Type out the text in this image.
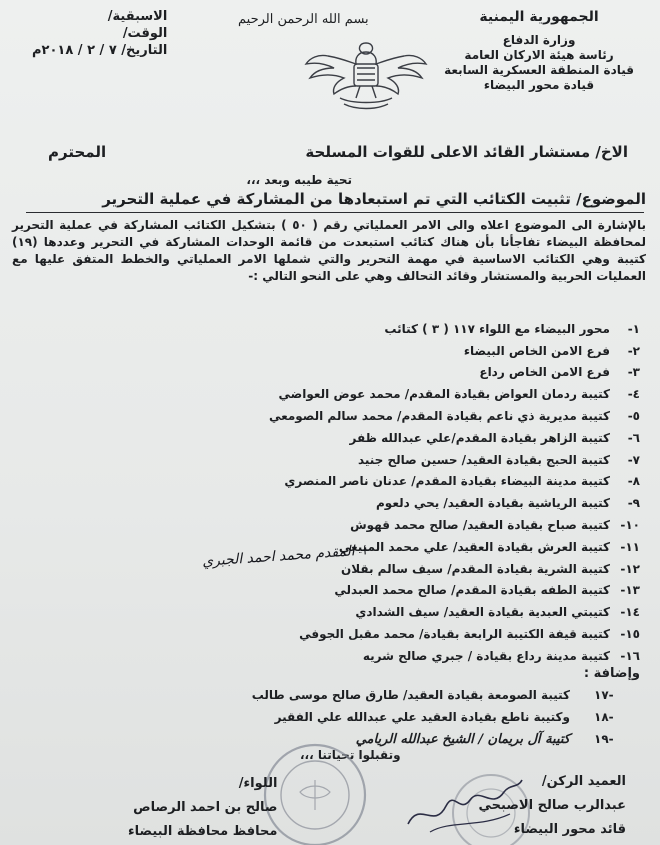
الجمهورية اليمنية
وزارة الدفاع
رئاسة هيئة الاركان العامة
قيادة المنطقة العسكرية السابعة
قيادة محور البيضاء
بسم الله الرحمن الرحيم
الاسبقية/
الوقت/
التاريخ/ ٧ / ٢ / ٢٠١٨م
الاخ/ مستشار القائد الاعلى للقوات المسلحة
المحترم
تحية طيبه وبعد ،،،
الموضوع/ تثبيت الكتائب التي تم استبعادها من المشاركة في عملية التحرير
بالإشارة الى الموضوع اعلاه والى الامر العملياتي رقم ( ٥٠ ) بتشكيل الكتائب المشاركة في عملية التحرير لمحافظة البيضاء تفاجأنا بأن هناك كتائب استبعدت من قائمة الوحدات المشاركة في التحرير وعددها (١٩) كتيبة وهي الكتائب الاساسية في مهمة التحرير والتي شملها الامر العملياتي والخطط المتفق عليها مع العمليات الحربية والمستشار وقائد التحالف وهي على النحو التالي :-
١-
محور البيضاء مع اللواء ١١٧ ( ٣ ) كتائب
٢-
فرع الامن الخاص البيضاء
٣-
فرع الامن الخاص رداع
٤-
كتيبة ردمان العواض بقيادة المقدم/ محمد عوض العواضي
٥-
كتيبة مديرية ذي ناعم بقيادة المقدم/ محمد سالم الصومعي
٦-
كتيبة الزاهر بقيادة المقدم/علي عبدالله ظفر
٧-
كتيبة الحبج بقيادة العقيد/ حسين صالح جنيد
٨-
كتيبة مدينة البيضاء بقيادة المقدم/ عدنان ناصر المنصري
٩-
كتيبة الرياشية بقيادة العقيد/ يحي دلعوم
١٠-
كتيبة صباح بقيادة العقيد/ صالح محمد قهوش
١١-
كتيبة العرش بقيادة العقيد/ علي محمد المنيعي
١٢-
كتيبة الشرية بقيادة المقدم/ سيف سالم بقلان
١٣-
كتيبة الطفه بقيادة المقدم/ صالح محمد العبدلي
١٤-
كتيبتي العبدية بقيادة العقيد/ سيف الشدادي
١٥-
كتيبة قيفة الكتيبة الرابعة بقيادة/ محمد مقبل الجوفي
١٦-
كتيبة مدينة رداع بقيادة / جبري صالح شريه
+ المقدم محمد احمد الجبري
وإضافة :
-١٧
كتيبة الصومعة بقيادة العقيد/ طارق صالح موسى طالب
-١٨
وكتيبة ناطع بقيادة العقيد علي عبدالله علي الفقير
-١٩
كتيبة آل بريمان / الشيخ عبدالله الريامي
وتقبلوا تحياتنا ،،،
العميد الركن/
عبدالرب صالح الاصبحي
قائد محور البيضاء
اللواء/
صالح بن احمد الرصاص
محافظ محافظة البيضاء
